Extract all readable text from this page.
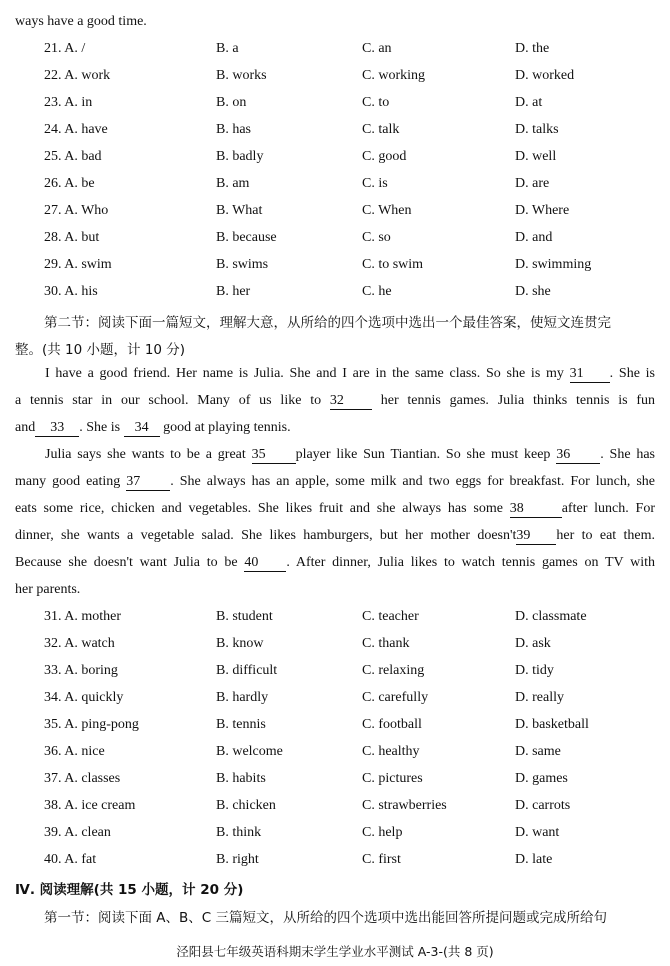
ways have a good time.
21. A. /	B. a	C. an	D. the
22. A. work	B. works	C. working	D. worked
23. A. in	B. on	C. to	D. at
24. A. have	B. has	C. talk	D. talks
25. A. bad	B. badly	C. good	D. well
26. A. be	B. am	C. is	D. are
27. A. Who	B. What	C. When	D. Where
28. A. but	B. because	C. so	D. and
29. A. swim	B. swims	C. to swim	D. swimming
30. A. his	B. her	C. he	D. she
第二节：阅读下面一篇短文，理解大意，从所给的四个选项中选出一个最佳答案，使短文连贯完
整。(共 10 小题，计 10 分)
I have a good friend. Her name is Julia. She and I are in the same class. So she is my 31 . She is
a tennis star in our school. Many of us like to 32	her tennis games. Julia thinks tennis is fun
and 33 . She is 34 good at playing tennis.
Julia says she wants to be a great 35 player like Sun Tiantian. So she must keep 36 . She has
many good eating 37 . She always has an apple, some milk and two eggs for breakfast. For lunch, she
eats some rice, chicken and vegetables. She likes fruit and she always has some 38	after lunch. For
dinner, she wants a vegetable salad. She likes hamburgers, but her mother doesn't39 her to eat them.
Because she doesn't want Julia to be 40 . After dinner, Julia likes to watch tennis games on TV with
her parents.
31. A. mother	B. student	C. teacher	D. classmate
32. A. watch	B. know	C. thank	D. ask
33. A. boring	B. difficult	C. relaxing	D. tidy
34. A. quickly	B. hardly	C. carefully	D. really
35. A. ping-pong	B. tennis	C. football	D. basketball
36. A. nice	B. welcome	C. healthy	D. same
37. A. classes	B. habits	C. pictures	D. games
38. A. ice cream	B. chicken	C. strawberries	D. carrots
39. A. clean	B. think	C. help	D. want
40. A. fat	B. right	C. first	D. late
Ⅳ. 阅读理解(共 15 小题，计 20 分)
第一节：阅读下面 A、B、C 三篇短文，从所给的四个选项中选出能回答所提问题或完成所给句
泾阳县七年级英语科期末学生学业水平测试 A-3-(共 8 页)
